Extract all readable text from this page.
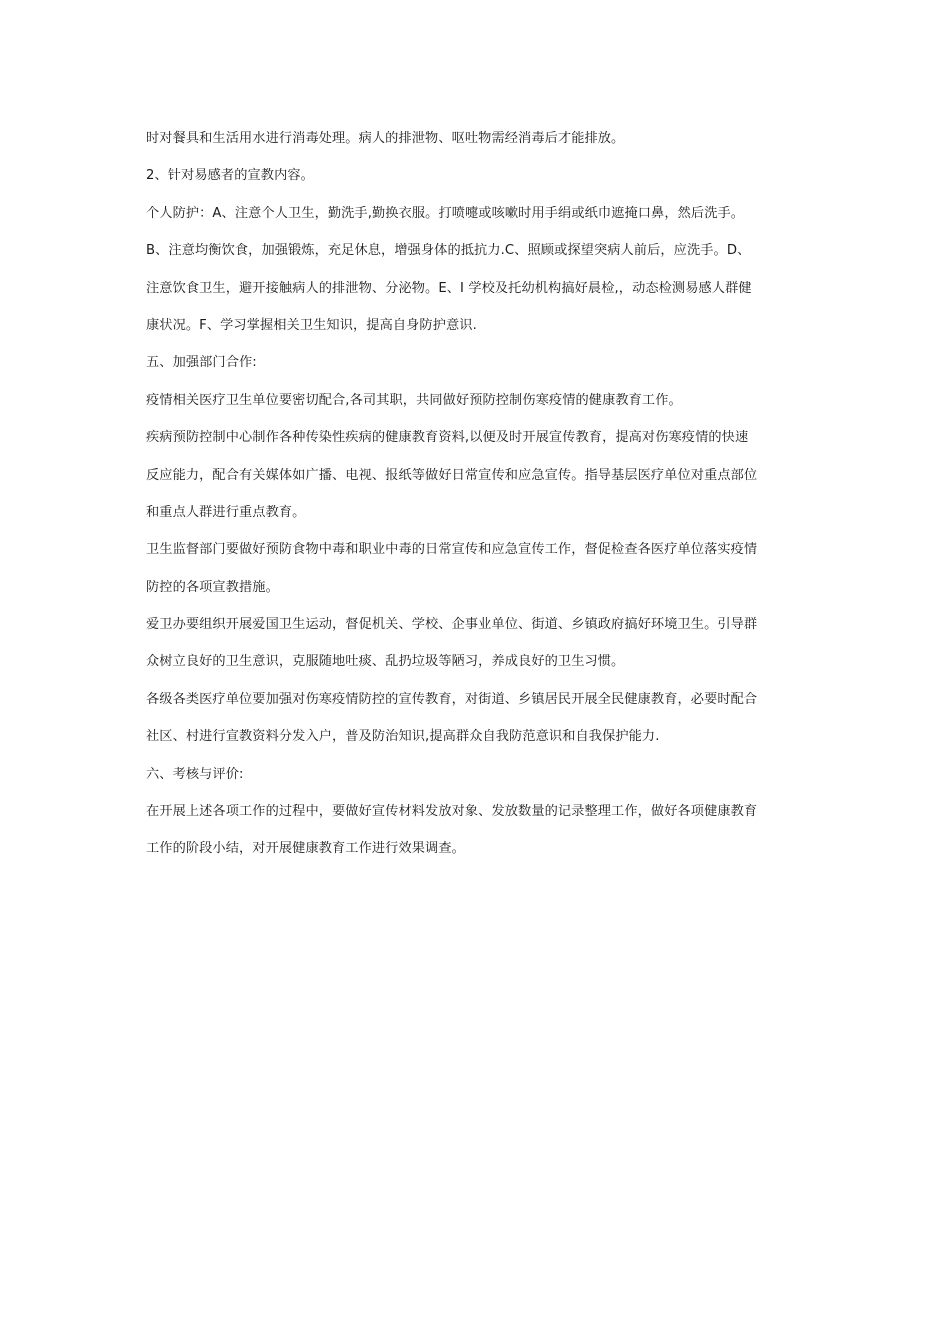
时对餐具和生活用水进行消毒处理。病人的排泄物、呕吐物需经消毒后才能排放。
2、针对易感者的宣教内容。
个人防护：A、注意个人卫生，勤洗手,勤换衣服。打喷嚏或咳嗽时用手绢或纸巾遮掩口鼻，然后洗手。
B、注意均衡饮食，加强锻炼，充足休息，增强身体的抵抗力.C、照顾或探望突病人前后，应洗手。D、
注意饮食卫生，避开接触病人的排泄物、分泌物。E、I 学校及托幼机构搞好晨检,，动态检测易感人群健
康状况。F、学习掌握相关卫生知识，提高自身防护意识.
五、加强部门合作:
疫情相关医疗卫生单位要密切配合,各司其职，共同做好预防控制伤寒疫情的健康教育工作。
疾病预防控制中心制作各种传染性疾病的健康教育资料,以便及时开展宣传教育，提高对伤寒疫情的快速
反应能力，配合有关媒体如广播、电视、报纸等做好日常宣传和应急宣传。指导基层医疗单位对重点部位
和重点人群进行重点教育。
卫生监督部门要做好预防食物中毒和职业中毒的日常宣传和应急宣传工作，督促检查各医疗单位落实疫情
防控的各项宣教措施。
爱卫办要组织开展爱国卫生运动，督促机关、学校、企事业单位、街道、乡镇政府搞好环境卫生。引导群
众树立良好的卫生意识，克服随地吐痰、乱扔垃圾等陋习，养成良好的卫生习惯。
各级各类医疗单位要加强对伤寒疫情防控的宣传教育，对街道、乡镇居民开展全民健康教育，必要时配合
社区、村进行宣教资料分发入户，普及防治知识,提高群众自我防范意识和自我保护能力.
六、考核与评价:
在开展上述各项工作的过程中，要做好宣传材料发放对象、发放数量的记录整理工作，做好各项健康教育
工作的阶段小结，对开展健康教育工作进行效果调查。
